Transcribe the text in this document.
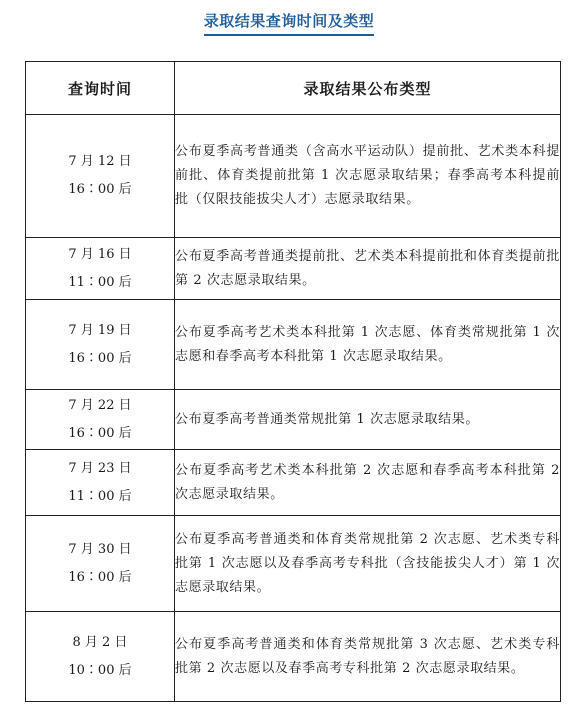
录取结果查询时间及类型
查询时间	录取结果公布类型

7 月 12 日
16∶00 后	公布夏季高考普通类（含高水平运动队）提前批、艺术类本科提前批、体育类提前批第 1 次志愿录取结果；春季高考本科提前批（仅限技能拔尖人才）志愿录取结果。

7 月 16 日
11∶00 后	公布夏季高考普通类提前批、艺术类本科提前批和体育类提前批第 2 次志愿录取结果。

7 月 19 日
16∶00 后	公布夏季高考艺术类本科批第 1 次志愿、体育类常规批第 1 次志愿和春季高考本科批第 1 次志愿录取结果。

7 月 22 日
16∶00 后	公布夏季高考普通类常规批第 1 次志愿录取结果。

7 月 23 日
11∶00 后	公布夏季高考艺术类本科批第 2 次志愿和春季高考本科批第 2 次志愿录取结果。

7 月 30 日
16∶00 后	公布夏季高考普通类和体育类常规批第 2 次志愿、艺术类专科批第 1 次志愿以及春季高考专科批（含技能拔尖人才）第 1 次志愿录取结果。

8 月 2 日
10∶00 后	公布夏季高考普通类和体育类常规批第 3 次志愿、艺术类专科批第 2 次志愿以及春季高考专科批第 2 次志愿录取结果。
